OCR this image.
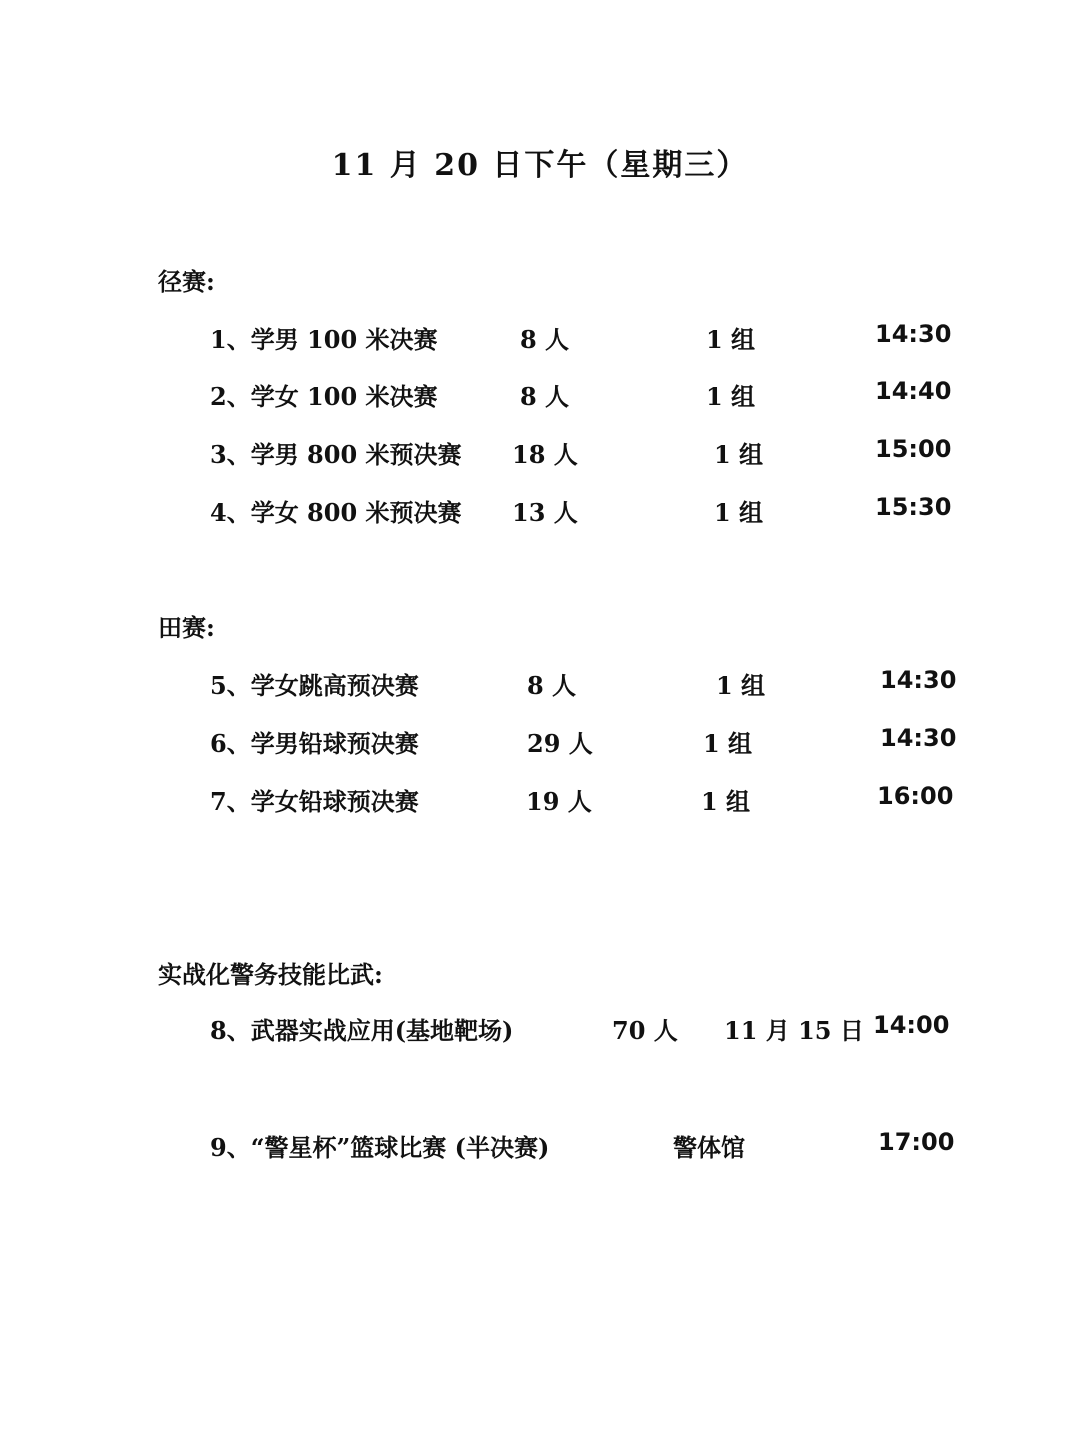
11 月 20 日下午（星期三）
径赛:
1、学男 100 米决赛	8 人	1 组	14:30
2、学女 100 米决赛	8 人	1 组	14:40
3、学男 800 米预决赛 18 人	1 组	15:00
4、学女 800 米预决赛 13 人	1 组	15:30
田赛:
5、学女跳高预决赛	8 人	1 组	14:30
6、学男铅球预决赛	29 人	1 组	14:30
7、学女铅球预决赛	19 人	1 组	16:00
实战化警务技能比武:
8、武器实战应用(基地靶场)	70 人 11 月 15 日 14:00
9、“警星杯”篮球比赛 (半决赛)	警体馆	17:00
